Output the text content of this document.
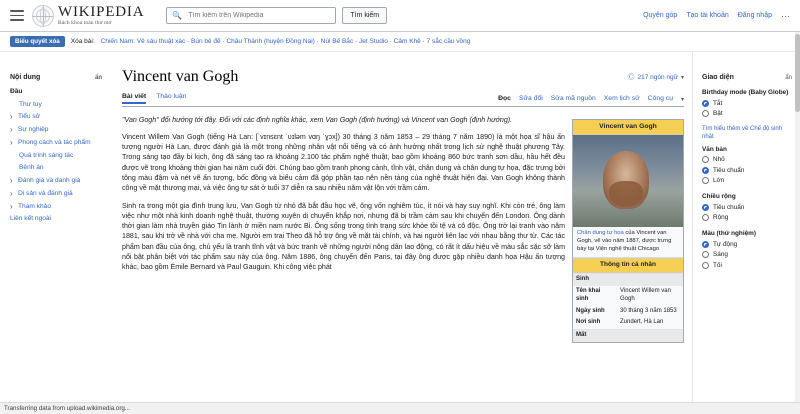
WIKIPEDIA
Bách khoa toàn thư mở
🔍
Tìm kiếm trên Wikipedia	Tìm kiếm	Quyên góp Tạo tài khoản Đăng nhập ⋯
Biểu quyết xóa	Xóa bài: Chiến Nam: Vẻ sáu thuật xác · Bún bê đế · Châu Thành (huyện Đồng Nai) · Núi Bế Bắc · Jet Studio · Cảm Khê · 7 sắc cầu vồng
Nội dung	ẩn
Đầu
Thư tuy
› Tiểu sử
› Sự nghiệp
› Phong cách và tác phẩm
Quá trình sáng tác
Bệnh án
› Đánh giá và danh giá
› Di sản và đánh giá
› Tham khảo
Liên kết ngoài
Vincent van Gogh	Ⓒ 217 ngôn ngữ ▾
Bài viết Thảo luận	Đọc Sửa đổi Sửa mã nguồn Xem lịch sử Công cụ ▾
Vincent van Gogh
Chân dung tự họa của Vincent van Gogh, vẽ vào năm 1887, được trưng bày tại Viện nghệ thuật Chicago
Thông tin cá nhân
Sinh	
Tên khai sinh	Vincent Willem van Gogh
Ngày sinh	30 tháng 3 năm 1853
Nơi sinh	Zundert, Hà Lan
Mất	

"Van Gogh" đổi hướng tới đây. Đối với các định nghĩa khác, xem Van Gogh (định hướng) và Vincent van Gogh (định hướng).

Vincent Willem Van Gogh (tiếng Hà Lan: [ˈvɪnsɛnt ˈʋɪləm vɑŋ ˈɣɔx]) 30 tháng 3 năm 1853 – 29 tháng 7 năm 1890) là một họa sĩ hậu ấn tượng người Hà Lan, được đánh giá là một trong những nhân vật nổi tiếng và có ảnh hưởng nhất trong lịch sử nghệ thuật phương Tây. Trong sáng tạo đầy bi kịch, ông đã sáng tạo ra khoảng 2.100 tác phẩm nghệ thuật, bao gồm khoảng 860 bức tranh sơn dầu, hầu hết đều được vẽ trong khoảng thời gian hai năm cuối đời. Chúng bao gồm tranh phong cảnh, tĩnh vật, chân dung và chân dung tự họa, đặc trưng bởi tông màu đậm và nét vẽ ấn tượng, bốc đồng và biểu cảm đã góp phần tạo nên nền tảng của nghệ thuật hiện đại. Van Gogh không thành công về mặt thương mại, và việc ông tự sát ở tuổi 37 diễn ra sau nhiều năm vật lộn với trầm cảm.

Sinh ra trong một gia đình trung lưu, Van Gogh từ nhỏ đã bắt đầu học vẽ, ông vốn nghiêm túc, ít nói và hay suy nghĩ. Khi còn trẻ, ông làm việc như một nhà kinh doanh nghệ thuật, thường xuyên di chuyển khắp nơi, nhưng đã bị trầm cảm sau khi chuyển đến London. Ông dành thời gian làm nhà truyền giáo Tin lành ở miền nam nước Bỉ. Ông sống trong tình trạng sức khỏe tồi tệ và cô độc. Ông trở lại tranh vào năm 1881, sau khi trở về nhà với cha mẹ. Người em trai Theo đã hỗ trợ ông về mặt tài chính, và hai người liên lạc với nhau bằng thư từ. Các tác phẩm ban đầu của ông, chủ yếu là tranh tĩnh vật và bức tranh vẽ những người nông dân lao động, có rất ít dấu hiệu về màu sắc sặc sỡ làm nổi bật phân biệt với tác phẩm sau này của ông. Năm 1886, ông chuyển đến Paris, tại đây ông được gặp nhiều danh họa Hậu ấn tượng khác, bao gồm Émile Bernard và Paul Gauguin. Khi công việc phát

Giao diện	ẩn
Birthday mode (Baby Globe)
Tắt
Bật
Tìm hiểu thêm về Chế độ sinh nhật
Văn bản
Nhỏ
Tiêu chuẩn
Lớn
Chiều rộng
Tiêu chuẩn
Rộng
Màu (thử nghiệm)
Tự động
Sáng
Tối
Transferring data from upload.wikimedia.org...
